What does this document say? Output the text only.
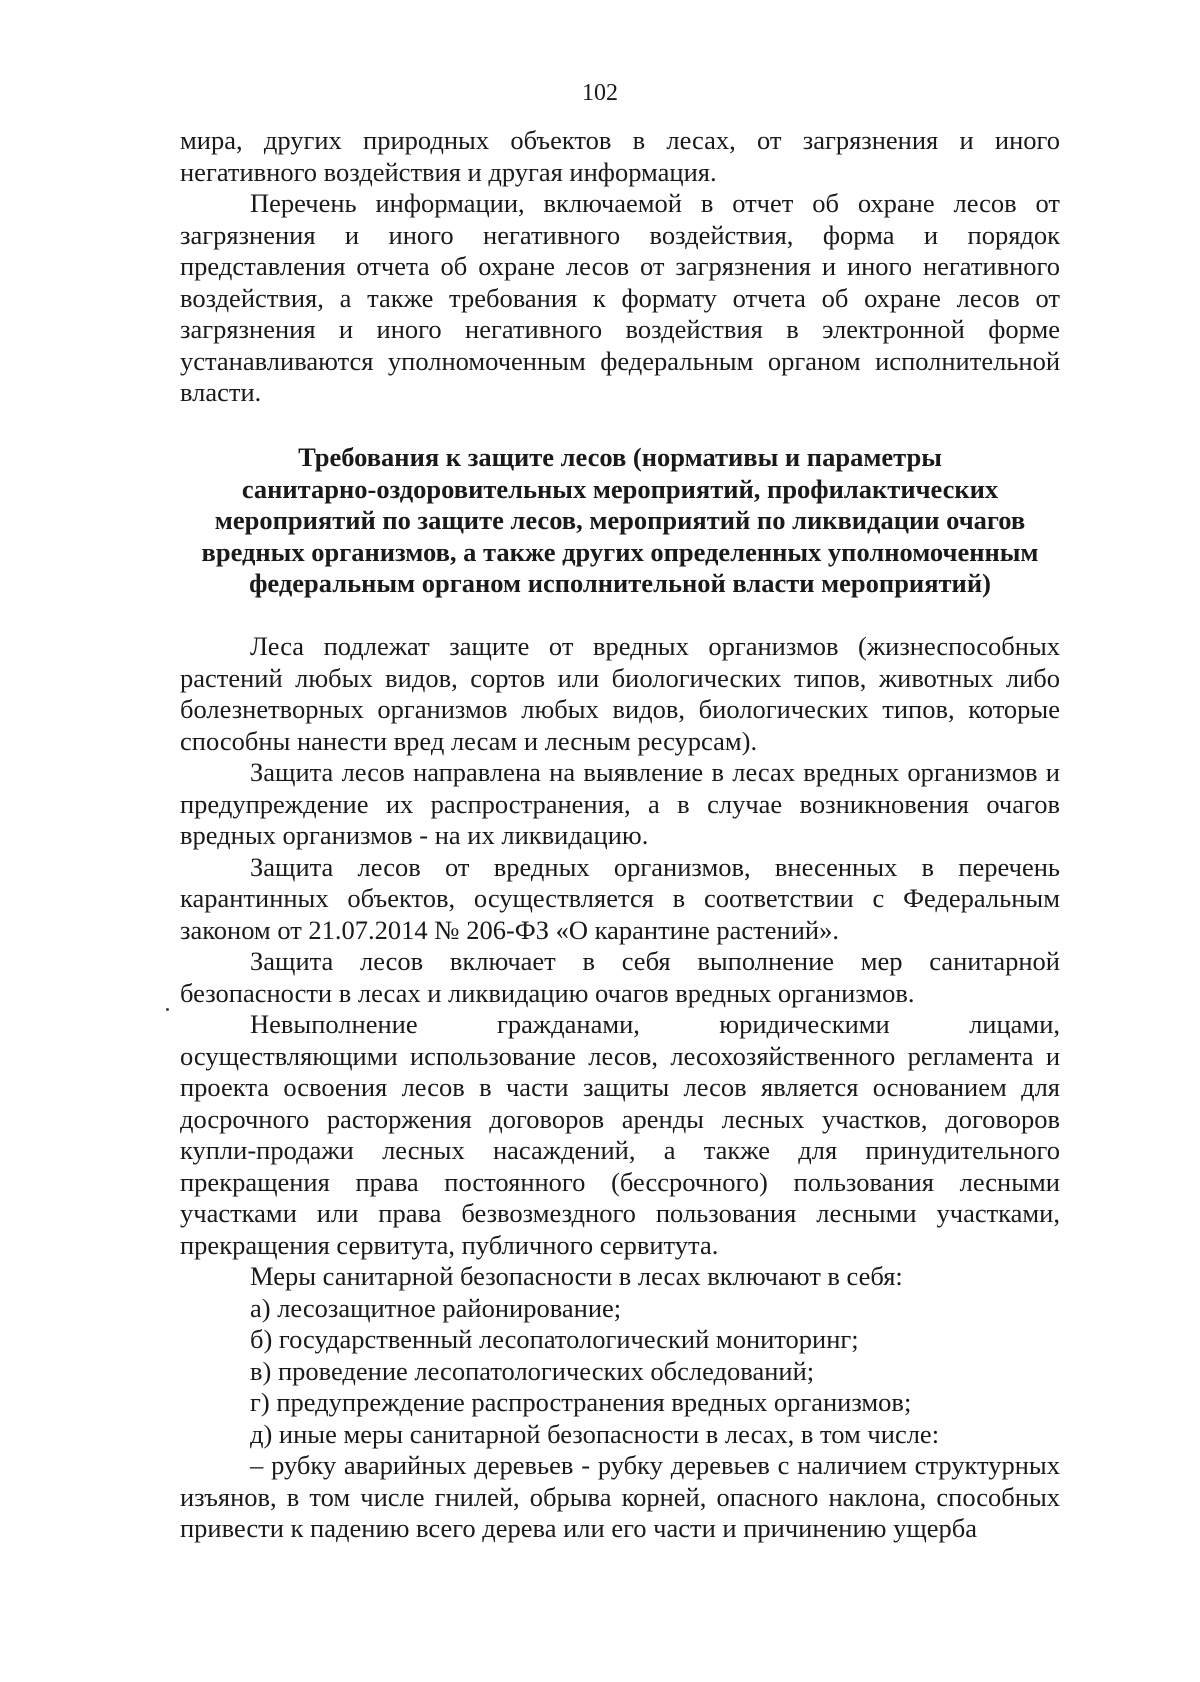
102

мира, других природных объектов в лесах, от загрязнения и иного негативного воздействия и другая информация.

Перечень информации, включаемой в отчет об охране лесов от загрязнения и иного негативного воздействия, форма и порядок представления отчета об охране лесов от загрязнения и иного негативного воздействия, а также требования к формату отчета об охране лесов от загрязнения и иного негативного воздействия в электронной форме устанавливаются уполномоченным федеральным органом исполнительной власти.

Требования к защите лесов (нормативы и параметры
санитарно-оздоровительных мероприятий, профилактических
мероприятий по защите лесов, мероприятий по ликвидации очагов
вредных организмов, а также других определенных уполномоченным
федеральным органом исполнительной власти мероприятий)

Леса подлежат защите от вредных организмов (жизнеспособных растений любых видов, сортов или биологических типов, животных либо болезнетворных организмов любых видов, биологических типов, которые способны нанести вред лесам и лесным ресурсам).

Защита лесов направлена на выявление в лесах вредных организмов и предупреждение их распространения, а в случае возникновения очагов вредных организмов - на их ликвидацию.

Защита лесов от вредных организмов, внесенных в перечень карантинных объектов, осуществляется в соответствии с Федеральным законом от 21.07.2014 № 206-ФЗ «О карантине растений».

Защита лесов включает в себя выполнение мер санитарной безопасности в лесах и ликвидацию очагов вредных организмов.

Невыполнение гражданами, юридическими лицами, осуществляющими использование лесов, лесохозяйственного регламента и проекта освоения лесов в части защиты лесов является основанием для досрочного расторжения договоров аренды лесных участков, договоров купли-продажи лесных насаждений, а также для принудительного прекращения права постоянного (бессрочного) пользования лесными участками или права безвозмездного пользования лесными участками, прекращения сервитута, публичного сервитута.

Меры санитарной безопасности в лесах включают в себя:

а) лесозащитное районирование;

б) государственный лесопатологический мониторинг;

в) проведение лесопатологических обследований;

г) предупреждение распространения вредных организмов;

д) иные меры санитарной безопасности в лесах, в том числе:

– рубку аварийных деревьев - рубку деревьев с наличием структурных изъянов, в том числе гнилей, обрыва корней, опасного наклона, способных привести к падению всего дерева или его части и причинению ущерба
